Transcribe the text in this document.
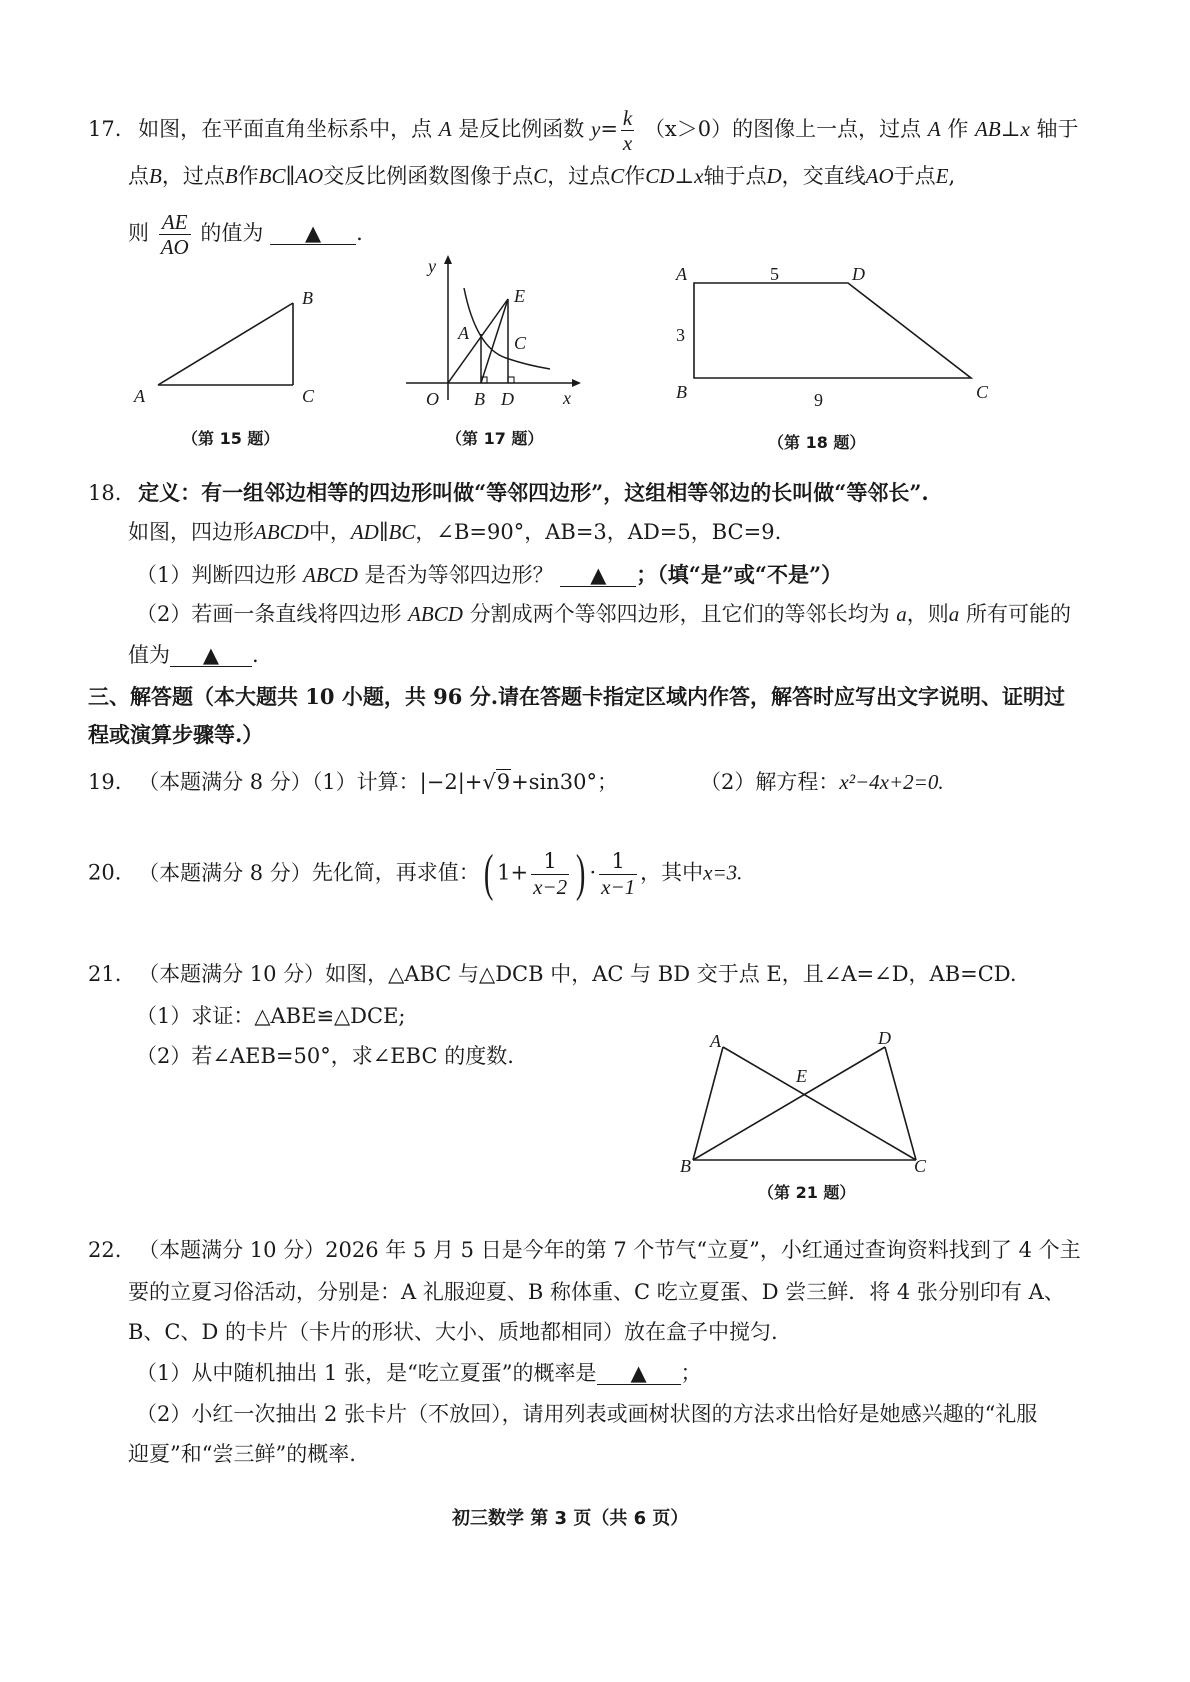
17. 如图，在平面直角坐标系中，点 A 是反比例函数 $y= \frac{k}{x} (x>0)$的图像上一点，过点 A 作 AB⊥x 轴于
点B，过点B作BC∥AO交反比例函数图像于点C，过点C作CD⊥x轴于点D，交直线AO于点E,
则 $\frac{AE}{AO}$ 的值为 ▲ .
A
B
C
（第 15 题）
y
x
O
A
B
C
D
E
（第 17 题）
A
B	C
D
5
3
9
（第 18 题）
18. 定义：有一组邻边相等的四边形叫做“等邻四边形”，这组相等邻边的长叫做“等邻长”.
如图，四边形ABCD中，AD∥BC，∠B=90°，AB=3，AD=5，BC=9.
（1）判断四边形 ABCD 是否为等邻四边形？ ▲ ；（填“是”或“不是”）
（2）若画一条直线将四边形 ABCD 分割成两个等邻四边形，且它们的等邻长均为 a，则a 所有可能的
值为 ▲ .
三、解答题（本大题共 10 小题，共 96 分.请在答题卡指定区域内作答，解答时应写出文字说明、证明过
程或演算步骤等.）
19. （本题满分 8 分）（1）计算：|−2|+√9+sin30°；	（2）解方程：x²−4x+2=0.
20. （本题满分 8 分）先化简，再求值：( $1+ \frac{1}{x-2}$ ) · $\frac{1}{x-1}$ ，其中x=3.
21. （本题满分 10 分）如图，△ABC 与△DCB 中，AC 与 BD 交于点 E，且∠A=∠D，AB=CD.
（1）求证：△ABE≌△DCE;
（2）若∠AEB=50°，求∠EBC 的度数.
A
B	C
D
E
（第 21 题）
22. （本题满分 10 分）2026 年 5 月 5 日是今年的第 7 个节气“立夏”，小红通过查询资料找到了 4 个主
要的立夏习俗活动，分别是：A 礼服迎夏、B 称体重、C 吃立夏蛋、D 尝三鲜．将 4 张分别印有 A、
B、C、D 的卡片（卡片的形状、大小、质地都相同）放在盒子中搅匀.
（1）从中随机抽出 1 张，是“吃立夏蛋”的概率是 ▲ ；
（2）小红一次抽出 2 张卡片（不放回），请用列表或画树状图的方法求出恰好是她感兴趣的“礼服
迎夏”和“尝三鲜”的概率.
初三数学 第 3 页（共 6 页）
